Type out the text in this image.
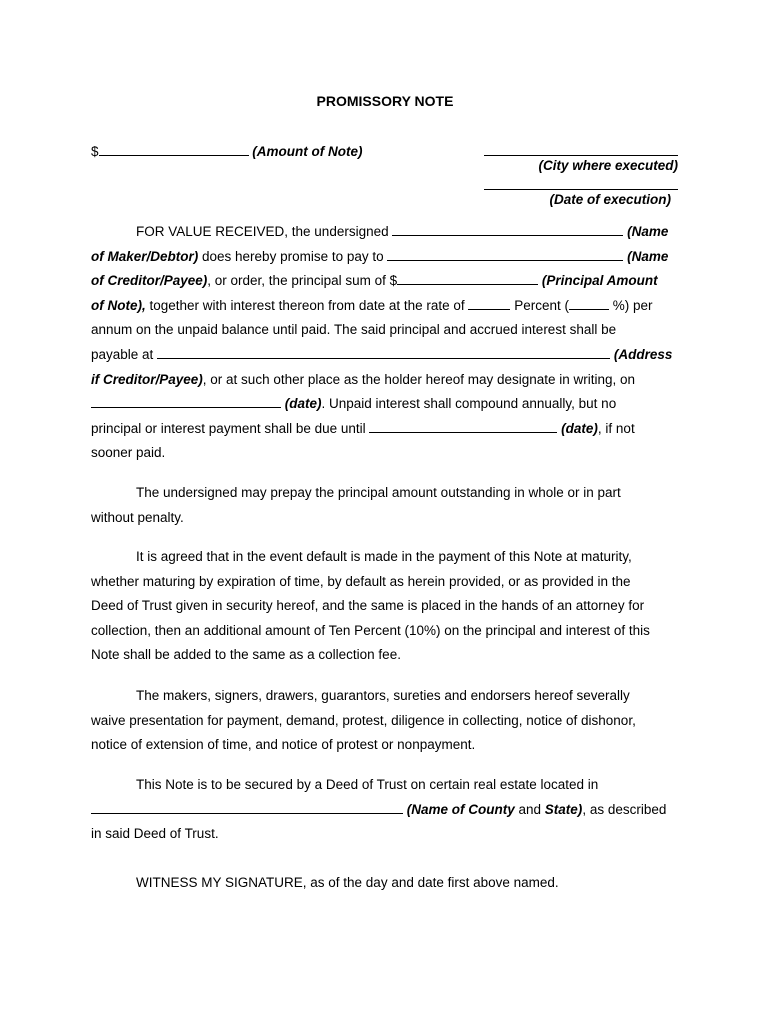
PROMISSORY NOTE
$	(Amount of Note)
(City where executed)
(Date of execution)
FOR VALUE RECEIVED, the undersigned	(Name
of Maker/Debtor) does hereby promise to pay to	(Name
of Creditor/Payee), or order, the principal sum of $	(Principal Amount
of Note), together with interest thereon from date at the rate of	Percent (	%) per
annum on the unpaid balance until paid. The said principal and accrued interest shall be
payable at	(Address
if Creditor/Payee), or at such other place as the holder hereof may designate in writing, on
(date). Unpaid interest shall compound annually, but no
principal or interest payment shall be due until	(date), if not
sooner paid.
The undersigned may prepay the principal amount outstanding in whole or in part
without penalty.
It is agreed that in the event default is made in the payment of this Note at maturity,
whether maturing by expiration of time, by default as herein provided, or as provided in the
Deed of Trust given in security hereof, and the same is placed in the hands of an attorney for
collection, then an additional amount of Ten Percent (10%) on the principal and interest of this
Note shall be added to the same as a collection fee.
The makers, signers, drawers, guarantors, sureties and endorsers hereof severally
waive presentation for payment, demand, protest, diligence in collecting, notice of dishonor,
notice of extension of time, and notice of protest or nonpayment.
This Note is to be secured by a Deed of Trust on certain real estate located in
(Name of County and State), as described
in said Deed of Trust.
WITNESS MY SIGNATURE, as of the day and date first above named.
